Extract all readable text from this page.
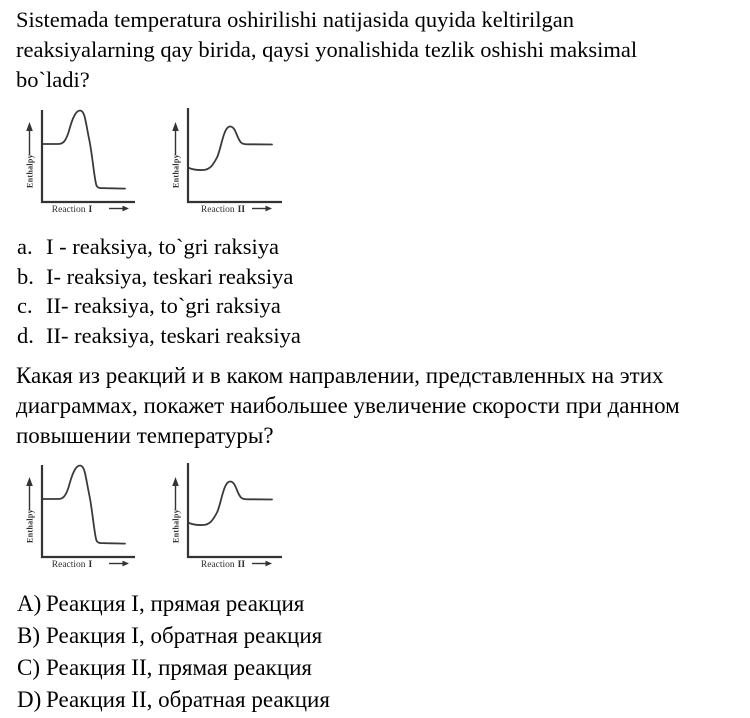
Sistemada temperatura oshirilishi natijasida quyida keltirilgan
reaksiyalarning qay birida, qaysi yonalishida tezlik oshishi maksimal
bo`ladi?
Enthalpy
Reaction I
Enthalpy
Reaction II
a. I - reaksiya, to`gri raksiya
b. I- reaksiya, teskari reaksiya
c. II- reaksiya, to`gri raksiya
d. II- reaksiya, teskari reaksiya
Какая из реакций и в каком направлении, представленных на этих
диаграммах, покажет наибольшее увеличение скорости при данном
повышении температуры?
Enthalpy
Reaction I
Enthalpy
Reaction II
A) Реакция I, прямая реакция
B) Реакция I, обратная реакция
C) Реакция II, прямая реакция
D) Реакция II, обратная реакция
